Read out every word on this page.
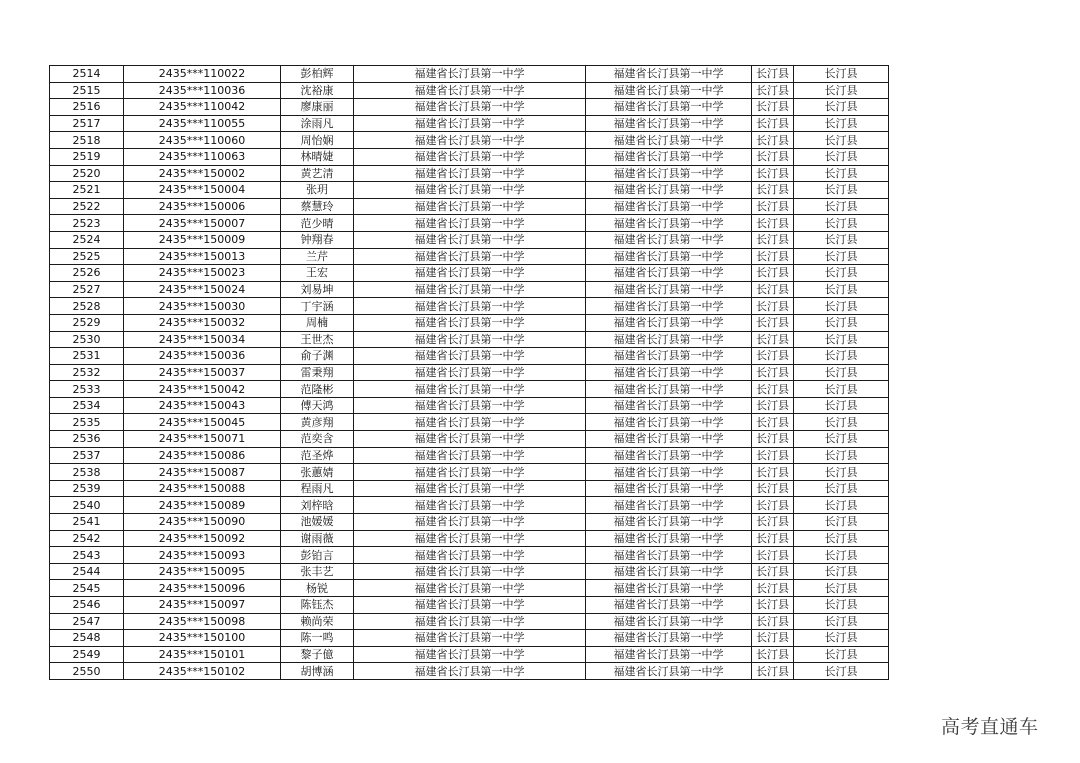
2514	2435***110022	彭柏辉	福建省长汀县第一中学	福建省长汀县第一中学	长汀县	长汀县
2515	2435***110036	沈裕康	福建省长汀县第一中学	福建省长汀县第一中学	长汀县	长汀县
2516	2435***110042	廖康丽	福建省长汀县第一中学	福建省长汀县第一中学	长汀县	长汀县
2517	2435***110055	涂雨凡	福建省长汀县第一中学	福建省长汀县第一中学	长汀县	长汀县
2518	2435***110060	周怡娴	福建省长汀县第一中学	福建省长汀县第一中学	长汀县	长汀县
2519	2435***110063	林晴婕	福建省长汀县第一中学	福建省长汀县第一中学	长汀县	长汀县
2520	2435***150002	黄艺清	福建省长汀县第一中学	福建省长汀县第一中学	长汀县	长汀县
2521	2435***150004	张玥	福建省长汀县第一中学	福建省长汀县第一中学	长汀县	长汀县
2522	2435***150006	蔡慧玲	福建省长汀县第一中学	福建省长汀县第一中学	长汀县	长汀县
2523	2435***150007	范少晴	福建省长汀县第一中学	福建省长汀县第一中学	长汀县	长汀县
2524	2435***150009	钟翔春	福建省长汀县第一中学	福建省长汀县第一中学	长汀县	长汀县
2525	2435***150013	兰芹	福建省长汀县第一中学	福建省长汀县第一中学	长汀县	长汀县
2526	2435***150023	王宏	福建省长汀县第一中学	福建省长汀县第一中学	长汀县	长汀县
2527	2435***150024	刘易坤	福建省长汀县第一中学	福建省长汀县第一中学	长汀县	长汀县
2528	2435***150030	丁宇涵	福建省长汀县第一中学	福建省长汀县第一中学	长汀县	长汀县
2529	2435***150032	周楠	福建省长汀县第一中学	福建省长汀县第一中学	长汀县	长汀县
2530	2435***150034	王世杰	福建省长汀县第一中学	福建省长汀县第一中学	长汀县	长汀县
2531	2435***150036	俞子渊	福建省长汀县第一中学	福建省长汀县第一中学	长汀县	长汀县
2532	2435***150037	雷秉翔	福建省长汀县第一中学	福建省长汀县第一中学	长汀县	长汀县
2533	2435***150042	范隆彬	福建省长汀县第一中学	福建省长汀县第一中学	长汀县	长汀县
2534	2435***150043	傅天鸿	福建省长汀县第一中学	福建省长汀县第一中学	长汀县	长汀县
2535	2435***150045	黄彦翔	福建省长汀县第一中学	福建省长汀县第一中学	长汀县	长汀县
2536	2435***150071	范奕含	福建省长汀县第一中学	福建省长汀县第一中学	长汀县	长汀县
2537	2435***150086	范圣烨	福建省长汀县第一中学	福建省长汀县第一中学	长汀县	长汀县
2538	2435***150087	张蕙婧	福建省长汀县第一中学	福建省长汀县第一中学	长汀县	长汀县
2539	2435***150088	程雨凡	福建省长汀县第一中学	福建省长汀县第一中学	长汀县	长汀县
2540	2435***150089	刘梓晗	福建省长汀县第一中学	福建省长汀县第一中学	长汀县	长汀县
2541	2435***150090	池媛媛	福建省长汀县第一中学	福建省长汀县第一中学	长汀县	长汀县
2542	2435***150092	谢雨薇	福建省长汀县第一中学	福建省长汀县第一中学	长汀县	长汀县
2543	2435***150093	彭铂言	福建省长汀县第一中学	福建省长汀县第一中学	长汀县	长汀县
2544	2435***150095	张丰艺	福建省长汀县第一中学	福建省长汀县第一中学	长汀县	长汀县
2545	2435***150096	杨锐	福建省长汀县第一中学	福建省长汀县第一中学	长汀县	长汀县
2546	2435***150097	陈钰杰	福建省长汀县第一中学	福建省长汀县第一中学	长汀县	长汀县
2547	2435***150098	赖尚荣	福建省长汀县第一中学	福建省长汀县第一中学	长汀县	长汀县
2548	2435***150100	陈一鸣	福建省长汀县第一中学	福建省长汀县第一中学	长汀县	长汀县
2549	2435***150101	黎子億	福建省长汀县第一中学	福建省长汀县第一中学	长汀县	长汀县
2550	2435***150102	胡博涵	福建省长汀县第一中学	福建省长汀县第一中学	长汀县	长汀县
高考直通车
